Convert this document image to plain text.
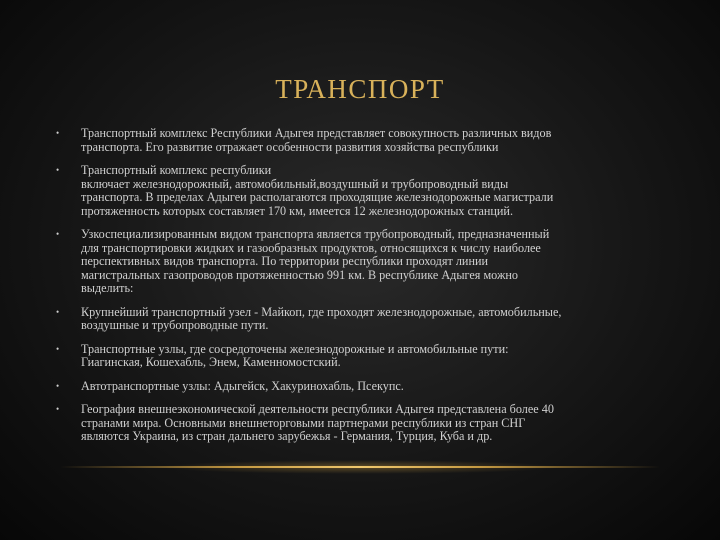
ТРАНСПОРТ
•	Транспортный комплекс Республики Адыгея представляет совокупность различных видов
транспорта. Его развитие отражает особенности развития хозяйства республики
•	Транспортный комплекс республики
включает железнодорожный, автомобильный,воздушный и трубопроводный виды
транспорта. В пределах Адыгеи располагаются проходящие железнодорожные магистрали
протяженность которых составляет 170 км, имеется 12 железнодорожных станций.
•	Узкоспециализированным видом транспорта является трубопроводный, предназначенный
для транспортировки жидких и газообразных продуктов, относящихся к числу наиболее
перспективных видов транспорта. По территории республики проходят линии
магистральных газопроводов протяженностью 991 км. В республике Адыгея можно
выделить:
•	Крупнейший транспортный узел - Майкоп, где проходят железнодорожные, автомобильные,
воздушные и трубопроводные пути.
•	Транспортные узлы, где сосредоточены железнодорожные и автомобильные пути:
Гиагинская, Кошехабль, Энем, Каменномостский.
•	Автотранспортные узлы: Адыгейск, Хакуринохабль, Псекупс.
•	География внешнеэкономической деятельности республики Адыгея представлена более 40
странами мира. Основными внешнеторговыми партнерами республики из стран СНГ
являются Украина, из стран дальнего зарубежья - Германия, Турция, Куба и др.
